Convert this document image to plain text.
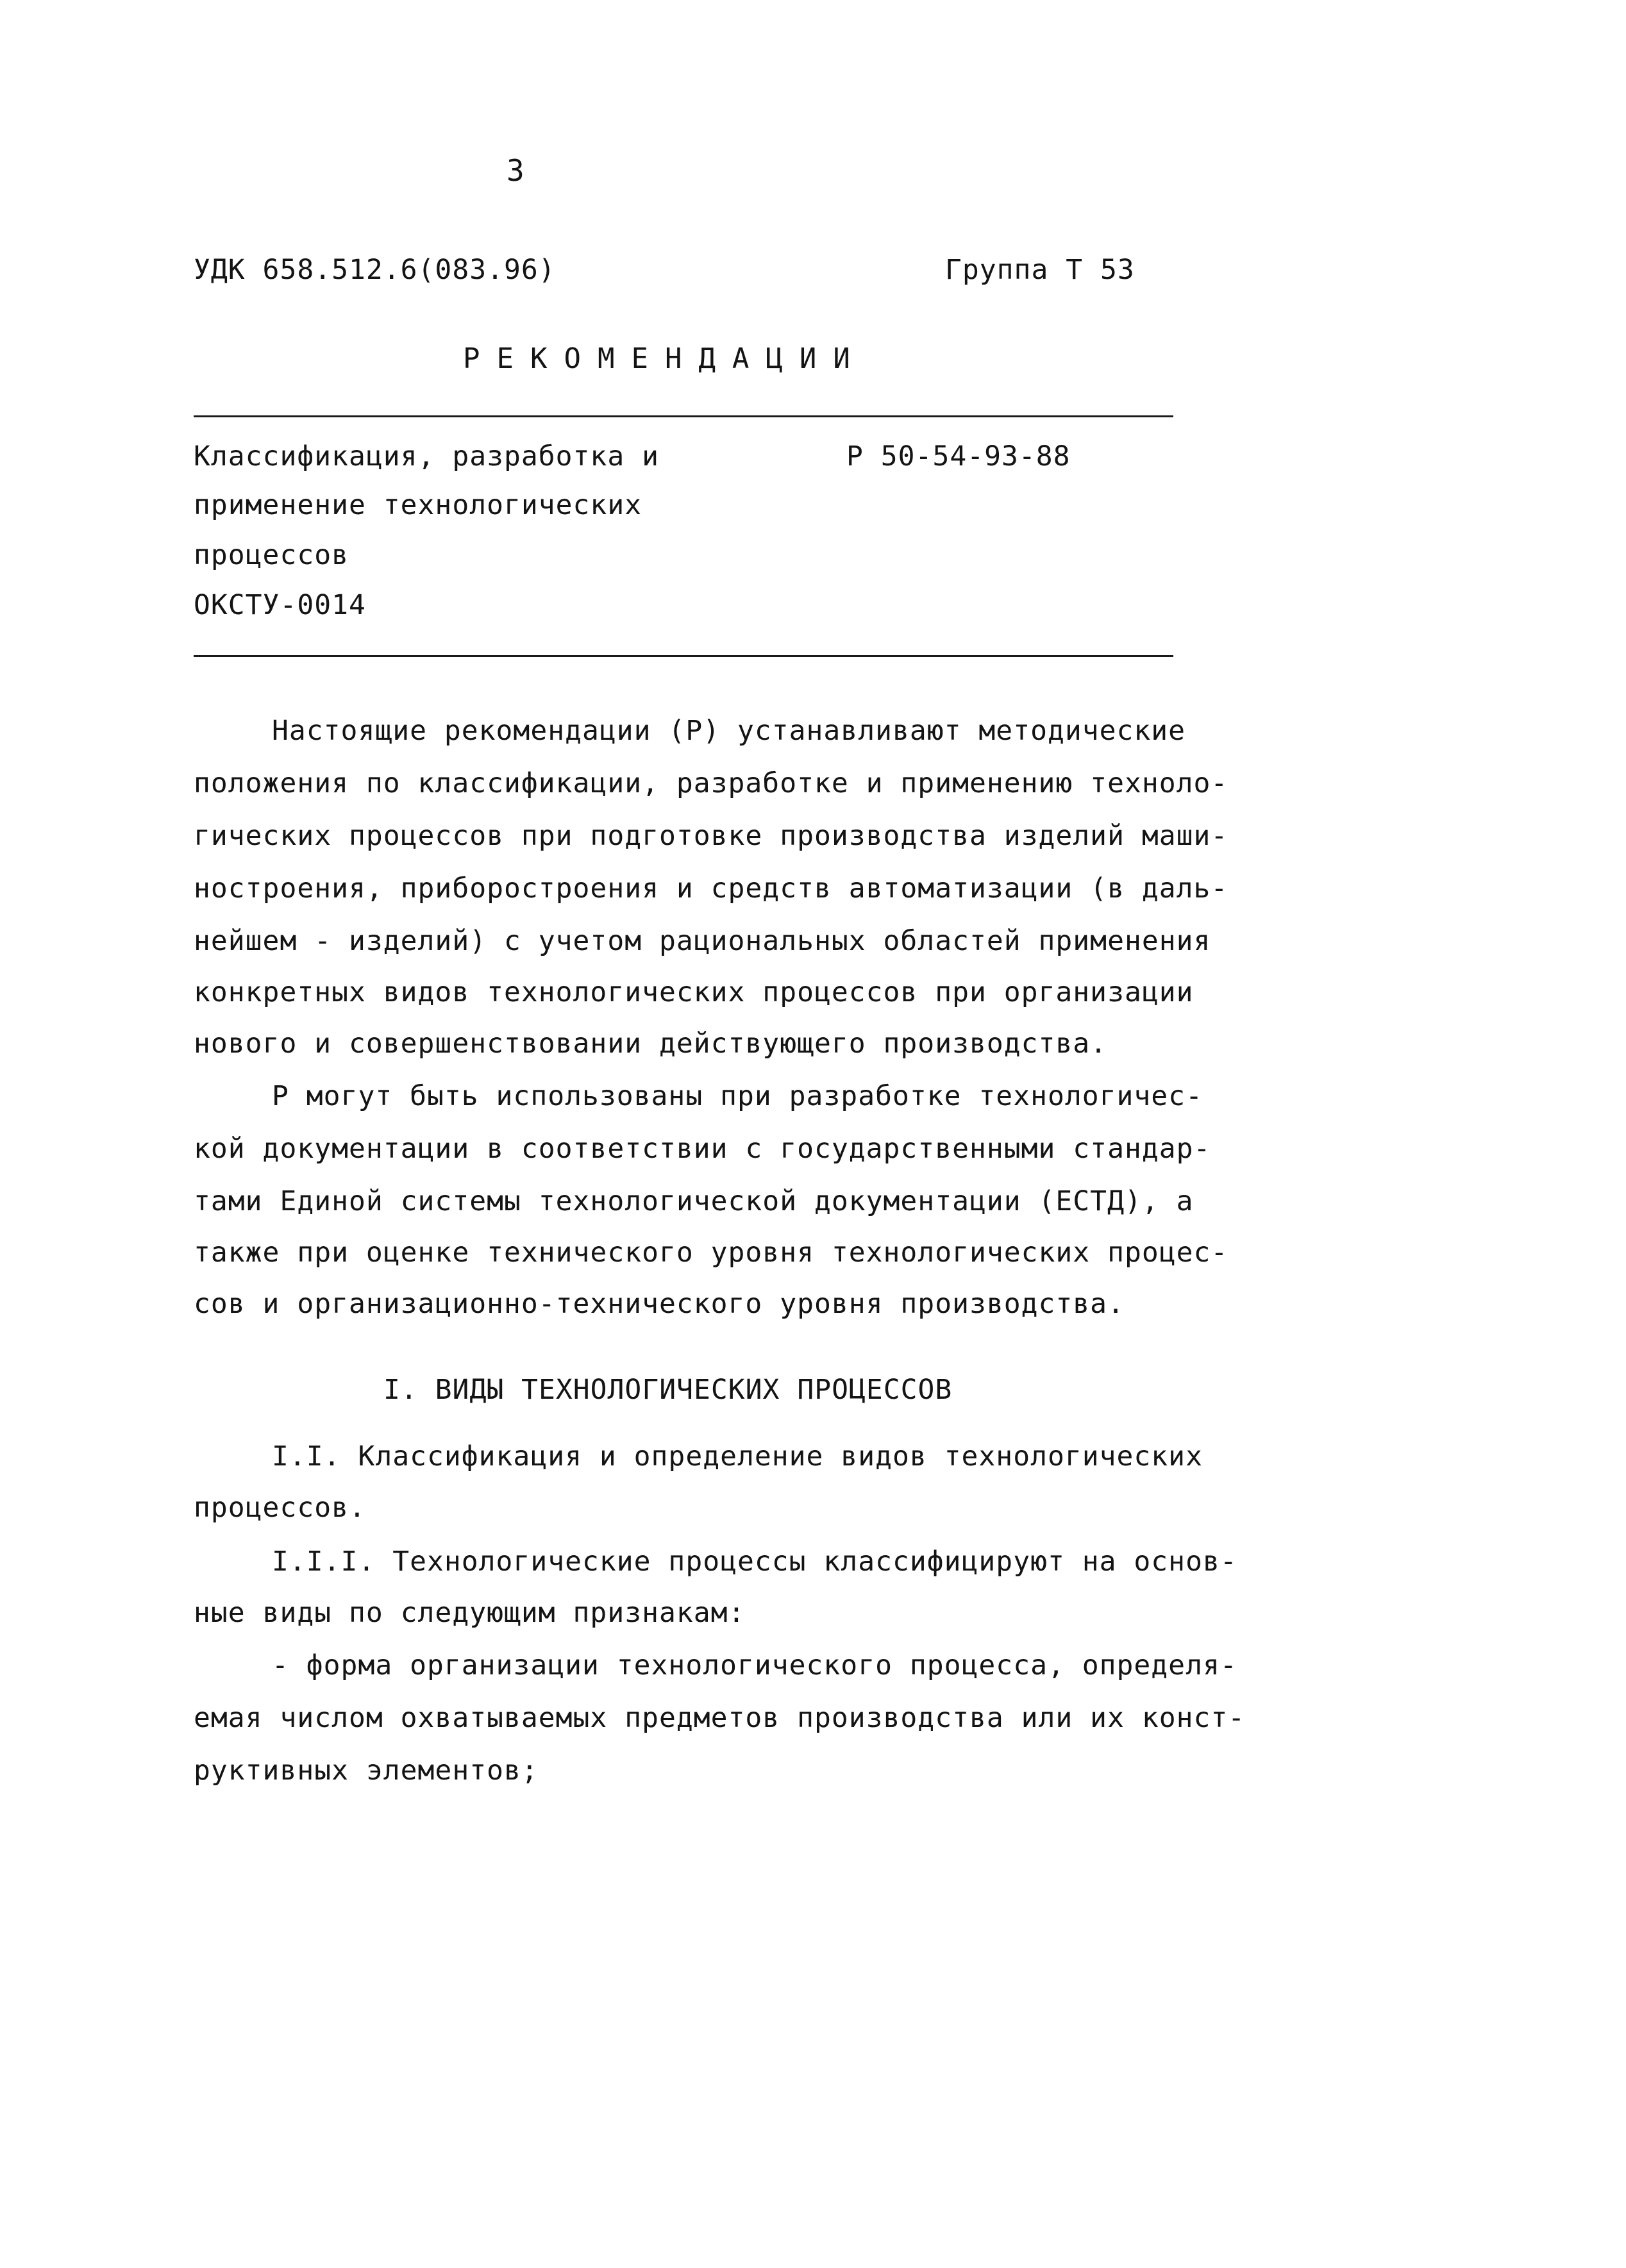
3
УДК 658.512.6(083.96)	Группа Т 53
РЕКОМЕНДАЦИИ
Классификация, разработка и
применение технологических
процессов
ОКСТУ-0014
Р 50-54-93-88
Настоящие рекомендации (Р) устанавливают методические
положения по классификации, разработке и применению техноло-
гических процессов при подготовке производства изделий маши-
ностроения, приборостроения и средств автоматизации (в даль-
нейшем - изделий) с учетом рациональных областей применения
конкретных видов технологических процессов при организации
нового и совершенствовании действующего производства.
Р могут быть использованы при разработке технологичес-
кой документации в соответствии с государственными стандар-
тами Единой системы технологической документации (ЕСТД), а
также при оценке технического уровня технологических процес-
сов и организационно-технического уровня производства.
I. ВИДЫ ТЕХНОЛОГИЧЕСКИХ ПРОЦЕССОВ
I.I. Классификация и определение видов технологических
процессов.
I.I.I. Технологические процессы классифицируют на основ-
ные виды по следующим признакам:
- форма организации технологического процесса, определя-
емая числом охватываемых предметов производства или их конст-
руктивных элементов;
